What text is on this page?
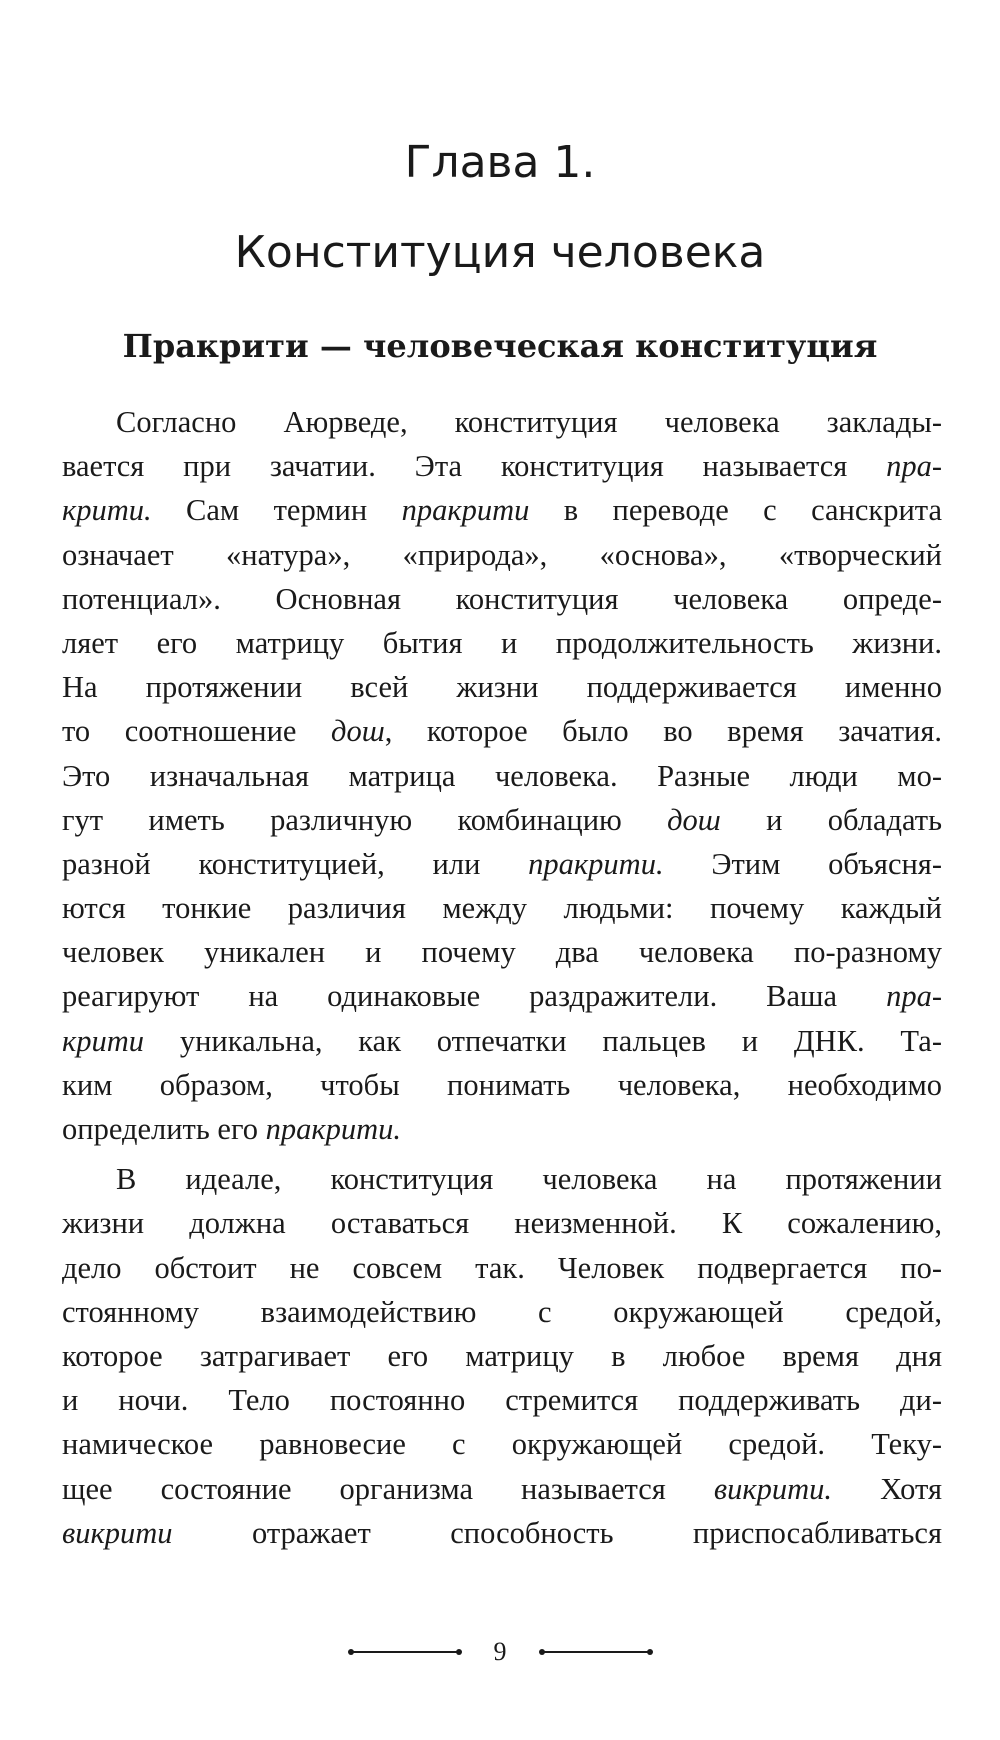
Глава 1.
Конституция человека
Пракрити — человеческая конституция
Согласно Аюрведе, конституция человека заклады-
вается при зачатии. Эта конституция называется пра-
крити. Сам термин пракрити в переводе с санскрита
означает «натура», «природа», «основа», «творческий
потенциал». Основная конституция человека опреде-
ляет его матрицу бытия и продолжительность жизни.
На протяжении всей жизни поддерживается именно
то соотношение дош, которое было во время зачатия.
Это изначальная матрица человека. Разные люди мо-
гут иметь различную комбинацию дош и обладать
разной конституцией, или пракрити. Этим объясня-
ются тонкие различия между людьми: почему каждый
человек уникален и почему два человека по-разному
реагируют на одинаковые раздражители. Ваша пра-
крити уникальна, как отпечатки пальцев и ДНК. Та-
ким образом, чтобы понимать человека, необходимо
определить его пракрити.
В идеале, конституция человека на протяжении
жизни должна оставаться неизменной. К сожалению,
дело обстоит не совсем так. Человек подвергается по-
стоянному взаимодействию с окружающей средой,
которое затрагивает его матрицу в любое время дня
и ночи. Тело постоянно стремится поддерживать ди-
намическое равновесие с окружающей средой. Теку-
щее состояние организма называется викрити. Хотя
викрити отражает способность приспосабливаться
9
